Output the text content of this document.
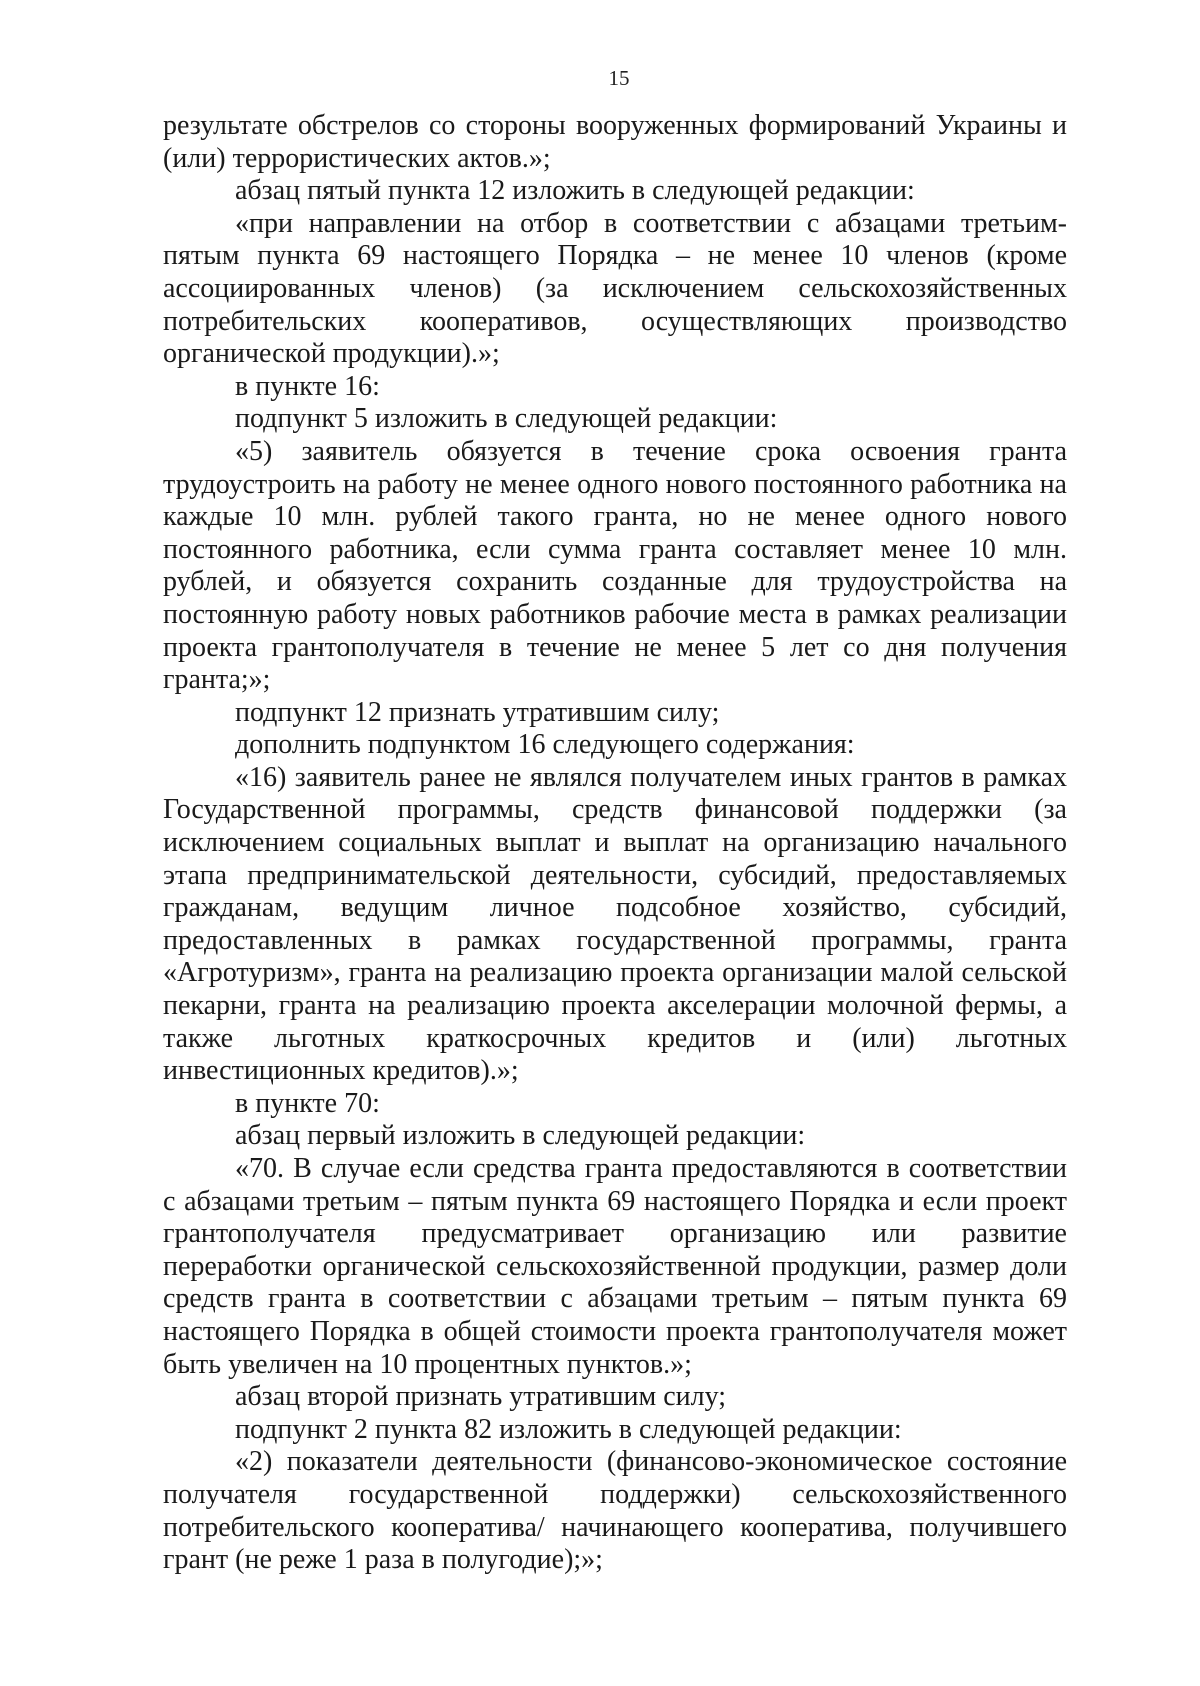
15

результате обстрелов со стороны вооруженных формирований Украины и (или) террористических актов.»;

абзац пятый пункта 12 изложить в следующей редакции:

«при направлении на отбор в соответствии с абзацами третьим-пятым пункта 69 настоящего Порядка – не менее 10 членов (кроме ассоциированных членов) (за исключением сельскохозяйственных потребительских кооперативов, осуществляющих производство органической продукции).»;

в пункте 16:

подпункт 5 изложить в следующей редакции:

«5) заявитель обязуется в течение срока освоения гранта трудоустроить на работу не менее одного нового постоянного работника на каждые 10 млн. рублей такого гранта, но не менее одного нового постоянного работника, если сумма гранта составляет менее 10 млн. рублей, и обязуется сохранить созданные для трудоустройства на постоянную работу новых работников рабочие места в рамках реализации проекта грантополучателя в течение не менее 5 лет со дня получения гранта;»;

подпункт 12 признать утратившим силу;

дополнить подпунктом 16 следующего содержания:

«16) заявитель ранее не являлся получателем иных грантов в рамках Государственной программы, средств финансовой поддержки (за исключением социальных выплат и выплат на организацию начального этапа предпринимательской деятельности, субсидий, предоставляемых гражданам, ведущим личное подсобное хозяйство, субсидий, предоставленных в рамках государственной программы, гранта «Агротуризм», гранта на реализацию проекта организации малой сельской пекарни, гранта на реализацию проекта акселерации молочной фермы, а также льготных краткосрочных кредитов и (или) льготных инвестиционных кредитов).»;

в пункте 70:

абзац первый изложить в следующей редакции:

«70. В случае если средства гранта предоставляются в соответствии с абзацами третьим – пятым пункта 69 настоящего Порядка и если проект грантополучателя предусматривает организацию или развитие переработки органической сельскохозяйственной продукции, размер доли средств гранта в соответствии с абзацами третьим – пятым пункта 69 настоящего Порядка в общей стоимости проекта грантополучателя может быть увеличен на 10 процентных пунктов.»;

абзац второй признать утратившим силу;

подпункт 2 пункта 82 изложить в следующей редакции:

«2) показатели деятельности (финансово-экономическое состояние получателя государственной поддержки) сельскохозяйственного потребительского кооператива/ начинающего кооператива, получившего грант (не реже 1 раза в полугодие);»;
